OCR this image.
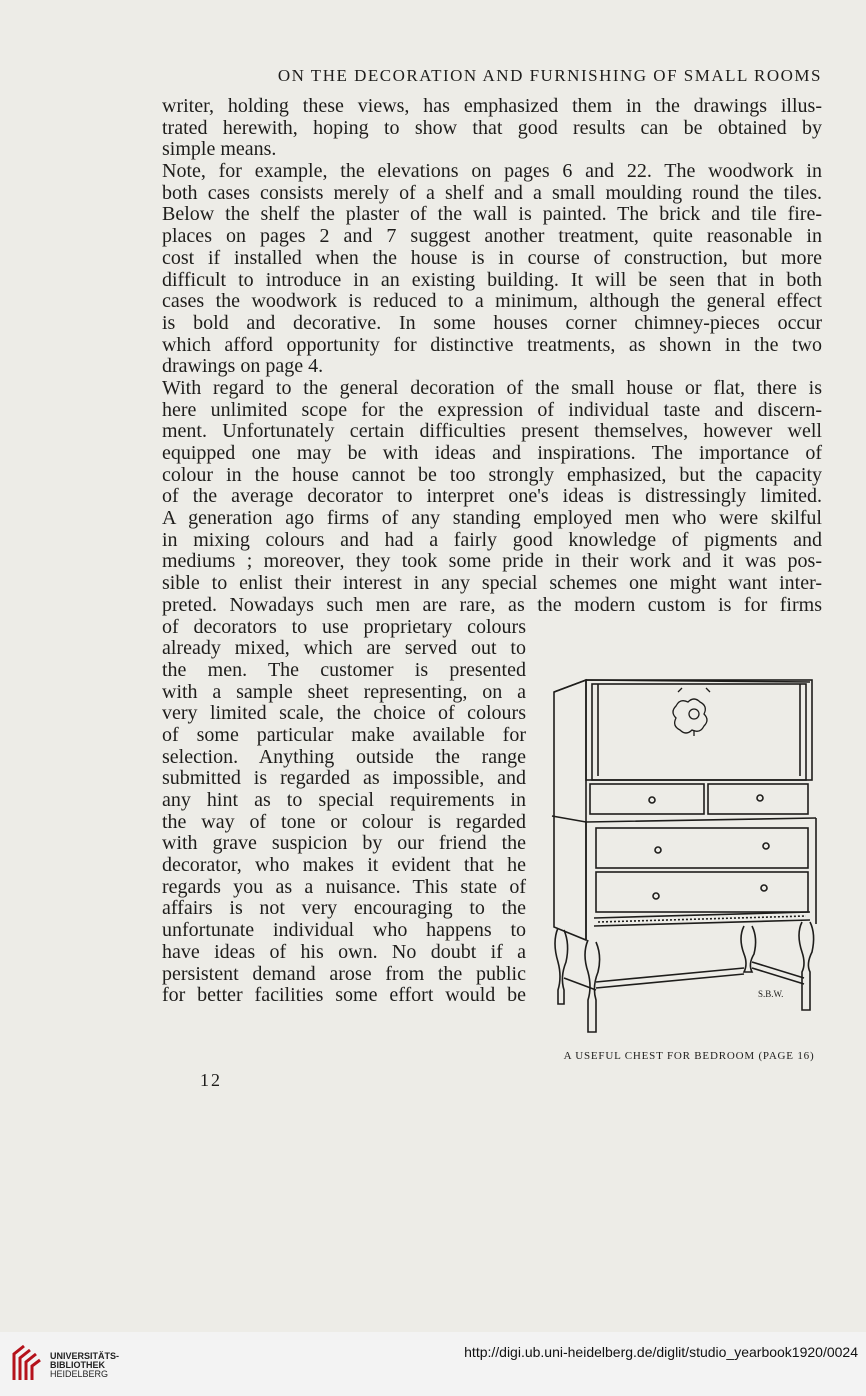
ON THE DECORATION AND FURNISHING OF SMALL ROOMS
writer, holding these views, has emphasized them in the drawings illus-
trated herewith, hoping to show that good results can be obtained by
simple means.
Note, for example, the elevations on pages 6 and 22. The woodwork in
both cases consists merely of a shelf and a small moulding round the tiles.
Below the shelf the plaster of the wall is painted. The brick and tile fire-
places on pages 2 and 7 suggest another treatment, quite reasonable in
cost if installed when the house is in course of construction, but more
difficult to introduce in an existing building. It will be seen that in both
cases the woodwork is reduced to a minimum, although the general effect
is bold and decorative. In some houses corner chimney-pieces occur
which afford opportunity for distinctive treatments, as shown in the two
drawings on page 4.
With regard to the general decoration of the small house or flat, there is
here unlimited scope for the expression of individual taste and discern-
ment. Unfortunately certain difficulties present themselves, however well
equipped one may be with ideas and inspirations. The importance of
colour in the house cannot be too strongly emphasized, but the capacity
of the average decorator to interpret one's ideas is distressingly limited.
A generation ago firms of any standing employed men who were skilful
in mixing colours and had a fairly good knowledge of pigments and
mediums ; moreover, they took some pride in their work and it was pos-
sible to enlist their interest in any special schemes one might want inter-
preted. Nowadays such men are rare, as the modern custom is for firms
of decorators to use proprietary colours
already mixed, which are served out to
the men. The customer is presented
with a sample sheet representing, on a
very limited scale, the choice of colours
of some particular make available for
selection. Anything outside the range
submitted is regarded as impossible, and
any hint as to special requirements in
the way of tone or colour is regarded
with grave suspicion by our friend the
decorator, who makes it evident that he
regards you as a nuisance. This state of
affairs is not very encouraging to the
unfortunate individual who happens to
have ideas of his own. No doubt if a
persistent demand arose from the public
for better facilities some effort would be	S.B.W.
A USEFUL CHEST FOR BEDROOM (PAGE 16)
12
UNIVERSITÄTS-
BIBLIOTHEK
HEIDELBERG
http://digi.ub.uni-heidelberg.de/diglit/studio_yearbook1920/0024
